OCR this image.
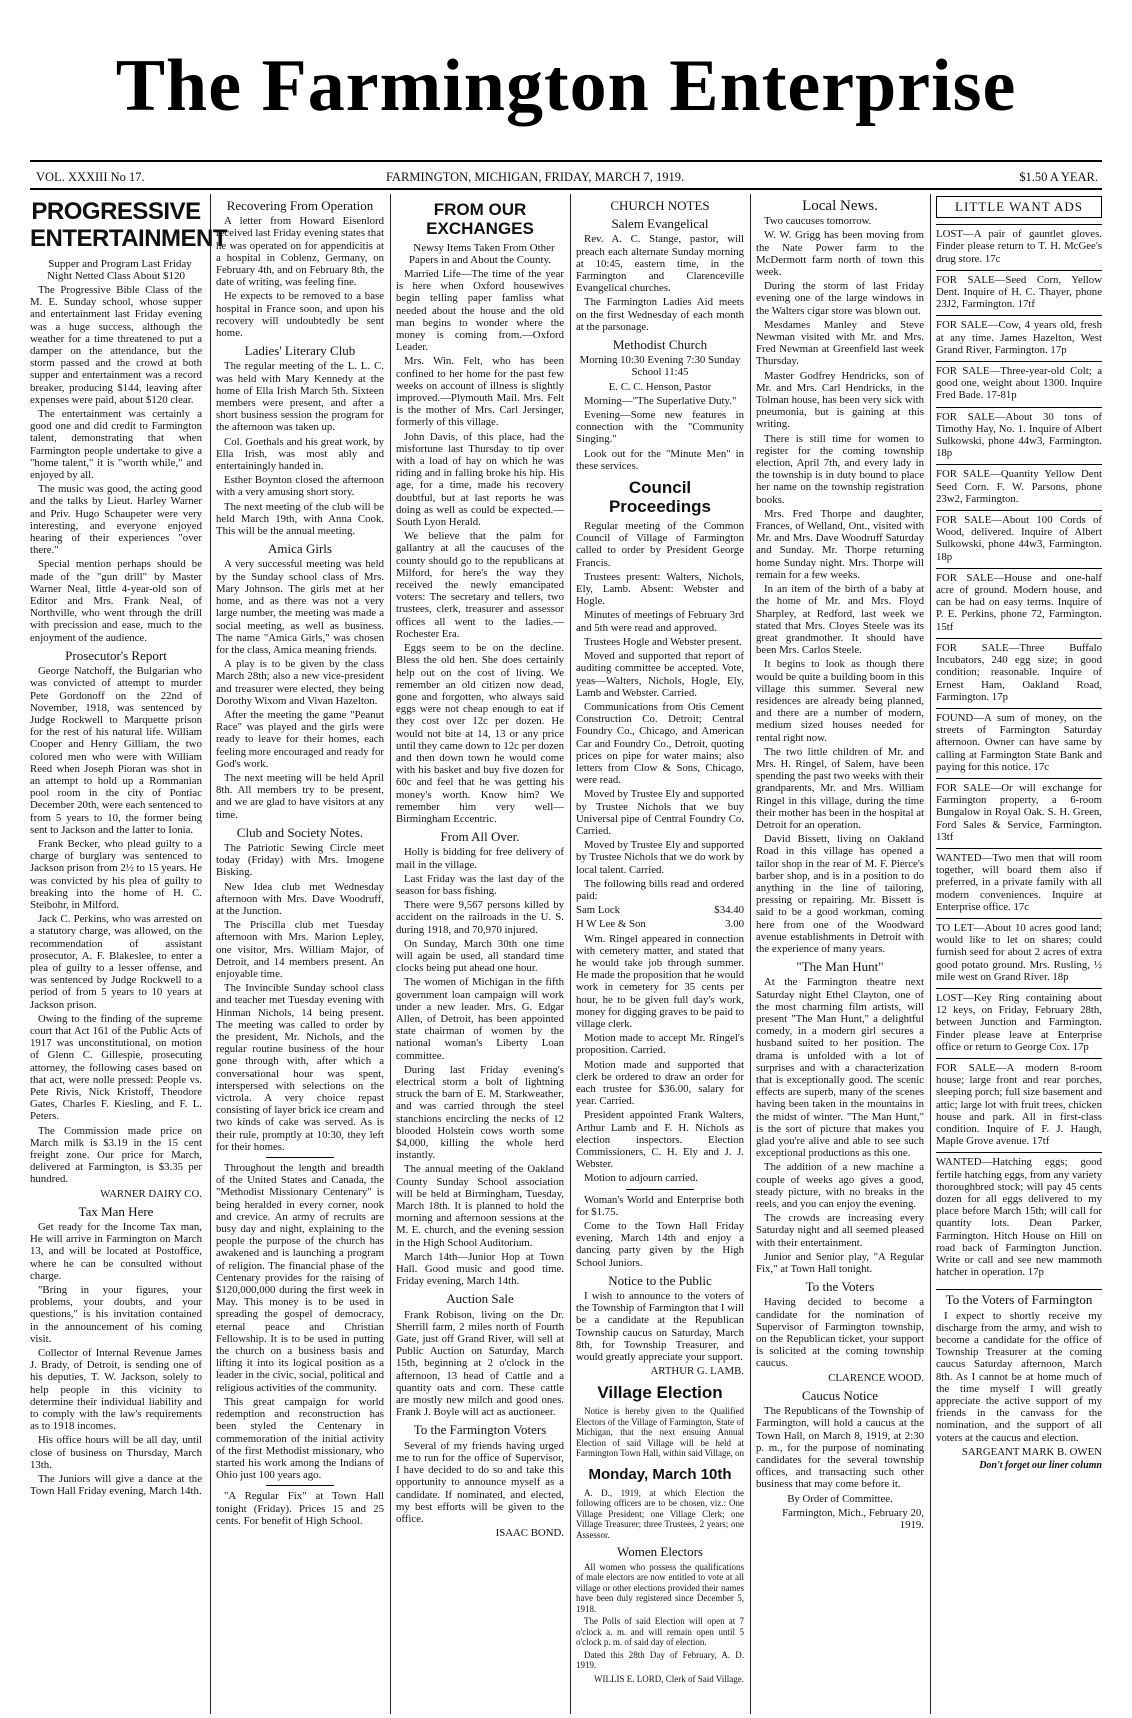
The Farmington Enterprise
VOL. XXXIII No 17.	FARMINGTON, MICHIGAN, FRIDAY, MARCH 7, 1919.	$1.50 A YEAR.
PROGRESSIVE ENTERTAINMENT

Supper and Program Last Friday Night Netted Class About $120

The Progressive Bible Class of the M. E. Sunday school, whose supper and entertainment last Friday evening was a huge success, although the weather for a time threatened to put a damper on the attendance, but the storm passed and the crowd at both supper and entertainment was a record breaker, producing $144, leaving after expenses were paid, about $120 clear.

The entertainment was certainly a good one and did credit to Farmington talent, demonstrating that when Farmington people undertake to give a "home talent," it is "worth while," and enjoyed by all.

The music was good, the acting good and the talks by Lieut. Harley Warner and Priv. Hugo Schaupeter were very interesting, and everyone enjoyed hearing of their experiences "over there."

Special mention perhaps should be made of the "gun drill" by Master Warner Neal, little 4-year-old son of Editor and Mrs. Frank Neal, of Northville, who went through the drill with precission and ease, much to the enjoyment of the audience.

Prosecutor's Report

George Natchoff, the Bulgarian who was convicted of attempt to murder Pete Gordonoff on the 22nd of November, 1918, was sentenced by Judge Rockwell to Marquette prison for the rest of his natural life. William Cooper and Henry Gilliam, the two colored men who were with William Reed when Joseph Pioran was shot in an attempt to hold up a Rommanian pool room in the city of Pontiac December 20th, were each sentenced to from 5 years to 10, the former being sent to Jackson and the latter to Ionia.

Frank Becker, who plead guilty to a charge of burglary was sentenced to Jackson prison from 2½ to 15 years. He was convicted by his plea of guilty to breaking into the home of H. C. Steibohr, in Milford.

Jack C. Perkins, who was arrested on a statutory charge, was allowed, on the recommendation of assistant prosecutor, A. F. Blakeslee, to enter a plea of guilty to a lesser offense, and was sentenced by Judge Rockwell to a period of from 5 years to 10 years at Jackson prison.

Owing to the finding of the supreme court that Act 161 of the Public Acts of 1917 was unconstitutional, on motion of Glenn C. Gillespie, prosecuting attorney, the following cases based on that act, were nolle pressed: People vs. Pete Rivis, Nick Kristoff, Theodore Gates, Charles F. Kiesling, and F. L. Peters.

The Commission made price on March milk is $3.19 in the 15 cent freight zone. Our price for March, delivered at Farmington, is $3.35 per hundred.

WARNER DAIRY CO.

Tax Man Here

Get ready for the Income Tax man, He will arrive in Farmington on March 13, and will be located at Postoffice, where he can be consulted without charge.

"Bring in your figures, your problems, your doubts, and your questions," is his invitation contained in the announcement of his coming visit.

Collector of Internal Revenue James J. Brady, of Detroit, is sending one of his deputies, T. W. Jackson, solely to help people in this vicinity to determine their individual liability and to comply with the law's requirements as to 1918 incomes.

His office hours will be all day, until close of business on Thursday, March 13th.

The Juniors will give a dance at the Town Hall Friday evening, March 14th.

Recovering From Operation

A letter from Howard Eisenlord received last Friday evening states that he was operated on for appendicitis at a hospital in Coblenz, Germany, on February 4th, and on February 8th, the date of writing, was feeling fine.

He expects to be removed to a base hospital in France soon, and upon his recovery will undoubtedly be sent home.

Ladies' Literary Club

The regular meeting of the L. L. C. was held with Mary Kennedy at the home of Ella Irish March 5th. Sixteen members were present, and after a short business session the program for the afternoon was taken up.

Col. Goethals and his great work, by Ella Irish, was most ably and entertainingly handed in.

Esther Boynton closed the afternoon with a very amusing short story.

The next meeting of the club will be held March 19th, with Anna Cook. This will be the annual meeting.

Amica Girls

A very successful meeting was held by the Sunday school class of Mrs. Mary Johnson. The girls met at her home, and as there was not a very large number, the meeting was made a social meeting, as well as business. The name "Amica Girls," was chosen for the class, Amica meaning friends.

A play is to be given by the class March 28th; also a new vice-president and treasurer were elected, they being Dorothy Wixom and Vivan Hazelton.

After the meeting the game "Peanut Race" was played and the girls were ready to leave for their homes, each feeling more encouraged and ready for God's work.

The next meeting will be held April 8th. All members try to be present, and we are glad to have visitors at any time.

Club and Society Notes.

The Patriotic Sewing Circle meet today (Friday) with Mrs. Imogene Bisking.

New Idea club met Wednesday afternoon with Mrs. Dave Woodruff, at the Junction.

The Priscilla club met Tuesday afternoon with Mrs. Marion Lepley, one visitor, Mrs. William Major, of Detroit, and 14 members present. An enjoyable time.

The Invincible Sunday school class and teacher met Tuesday evening with Hinman Nichols, 14 being present. The meeting was called to order by the president, Mr. Nichols, and the regular routine business of the hour gone through with, after which a conversational hour was spent, interspersed with selections on the victrola. A very choice repast consisting of layer brick ice cream and two kinds of cake was served. As is their rule, promptly at 10:30, they left for their homes.

Throughout the length and breadth of the United States and Canada, the "Methodist Missionary Centenary" is being heralded in every corner, nook and crevice. An army of recruits are busy day and night, explaining to the people the purpose of the church has awakened and is launching a program of religion. The financial phase of the Centenary provides for the raising of $120,000,000 during the first week in May. This money is to be used in spreading the gospel of democracy, eternal peace and Christian Fellowship. It is to be used in putting the church on a business basis and lifting it into its logical position as a leader in the civic, social, political and religious activities of the community.

This great campaign for world redemption and reconstruction has been styled the Centenary in commemoration of the initial activity of the first Methodist missionary, who started his work among the Indians of Ohio just 100 years ago.

"A Regular Fix" at Town Hall tonight (Friday). Prices 15 and 25 cents. For benefit of High School.

FROM OUR EXCHANGES

Newsy Items Taken From Other Papers in and About the County.

Married Life—The time of the year is here when Oxford housewives begin telling paper famliss what needed about the house and the old man begins to wonder where the money is coming from.—Oxford Leader.

Mrs. Win. Felt, who has been confined to her home for the past few weeks on account of illness is slightly improved.—Plymouth Mail. Mrs. Felt is the mother of Mrs. Carl Jersinger, formerly of this village.

John Davis, of this place, had the misfortune last Thursday to tip over with a load of hay on which he was riding and in falling broke his hip. His age, for a time, made his recovery doubtful, but at last reports he was doing as well as could be expected.—South Lyon Herald.

We believe that the palm for gallantry at all the caucuses of the county should go to the republicans at Milford, for here's the way they received the newly emancipated voters: The secretary and tellers, two trustees, clerk, treasurer and assessor offices all went to the ladies.—Rochester Era.

Eggs seem to be on the decline. Bless the old hen. She does certainly help out on the cost of living. We remember an old citizen now dead, gone and forgotten, who always said eggs were not cheap enough to eat if they cost over 12c per dozen. He would not bite at 14, 13 or any price until they came down to 12c per dozen and then down town he would come with his basket and buy five dozen for 60c and feel that he was getting his money's worth. Know him? We remember him very well—Birmingham Eccentric.

From All Over.

Holly is bidding for free delivery of mail in the village.

Last Friday was the last day of the season for bass fishing.

There were 9,567 persons killed by accident on the railroads in the U. S. during 1918, and 70,970 injured.

On Sunday, March 30th one time will again be used, all standard time clocks being put ahead one hour.

The women of Michigan in the fifth government loan campaign will work under a new leader. Mrs. G. Edgar Allen, of Detroit, has been appointed state chairman of women by the national woman's Liberty Loan committee.

During last Friday evening's electrical storm a bolt of lightning struck the barn of E. M. Starkweather, and was carried through the steel stanchions encircling the necks of 12 blooded Holstein cows worth some $4,000, killing the whole herd instantly.

The annual meeting of the Oakland County Sunday School association will be held at Birmingham, Tuesday, March 18th. It is planned to hold the morning and afternoon sessions at the M. E. church, and the evening session in the High School Auditorium.

March 14th—Junior Hop at Town Hall. Good music and good time. Friday evening, March 14th.

Auction Sale

Frank Robison, living on the Dr. Sherrill farm, 2 miles north of Fourth Gate, just off Grand River, will sell at Public Auction on Saturday, March 15th, beginning at 2 o'clock in the afternoon, 13 head of Cattle and a quantity oats and corn. These cattle are mostly new milch and good ones. Frank J. Boyle will act as auctioneer.

To the Farmington Voters

Several of my friends having urged me to run for the office of Supervisor, I have decided to do so and take this opportunity to announce myself as a candidate. If nominated, and elected, my best efforts will be given to the office.

ISAAC BOND.

CHURCH NOTES
Salem Evangelical

Rev. A. C. Stange, pastor, will preach each alternate Sunday morning at 10:45, eastern time, in the Farmington and Clarenceville Evangelical churches.

The Farmington Ladies Aid meets on the first Wednesday of each month at the parsonage.

Methodist Church

Morning 10:30 Evening 7:30 Sunday School 11:45

E. C. C. Henson, Pastor

Morning—"The Superlative Duty."

Evening—Some new features in connection with the "Community Singing."

Look out for the "Minute Men" in these services.

Council Proceedings

Regular meeting of the Common Council of Village of Farmington called to order by President George Francis.

Trustees present: Walters, Nichols, Ely, Lamb. Absent: Webster and Hogle.

Minutes of meetings of February 3rd and 5th were read and approved.

Trustees Hogle and Webster present.

Moved and supported that report of auditing committee be accepted. Vote, yeas—Walters, Nichols, Hogle, Ely, Lamb and Webster. Carried.

Communications from Otis Cement Construction Co. Detroit; Central Foundry Co., Chicago, and American Car and Foundry Co., Detroit, quoting prices on pipe for water mains; also letters from Clow & Sons, Chicago, were read.

Moved by Trustee Ely and supported by Trustee Nichols that we buy Universal pipe of Central Foundry Co. Carried.

Moved by Trustee Ely and supported by Trustee Nichols that we do work by local talent. Carried.

The following bills read and ordered paid:

Sam Lock	$34.40

H W Lee & Son	3.00

Wm. Ringel appeared in connection with cemetery matter, and stated that he would take job through summer. He made the proposition that he would work in cemetery for 35 cents per hour, he to be given full day's work, money for digging graves to be paid to village clerk.

Motion made to accept Mr. Ringel's proposition. Carried.

Motion made and supported that clerk be ordered to draw an order for each trustee for $36.00, salary for year. Carried.

President appointed Frank Walters, Arthur Lamb and F. H. Nichols as election inspectors. Election Commissioners, C. H. Ely and J. J. Webster.

Motion to adjourn carried.

Woman's World and Enterprise both for $1.75.

Come to the Town Hall Friday evening, March 14th and enjoy a dancing party given by the High School Juniors.

Notice to the Public

I wish to announce to the voters of the Township of Farmington that I will be a candidate at the Republican Township caucus on Saturday, March 8th, for Township Treasurer, and would greatly appreciate your support.

ARTHUR G. LAMB.

Village Election

Notice is hereby given to the Qualified Electors of the Village of Farmington, State of Michigan, that the next ensuing Annual Election of said Village will be held at Farmington Town Hall, within said Village, on

Monday, March 10th

A. D., 1919, at which Election the following officers are to be chosen, viz.: One Village President; one Village Clerk; one Village Treasurer; three Trustees, 2 years; one Assessor.

Women Electors

All women who possess the qualifications of male electors are now entitled to vote at all village or other elections provided their names have been duly registered since December 5, 1918.

The Polls of said Election will open at 7 o'clock a. m. and will remain open until 5 o'clock p. m. of said day of election.

Dated this 28th Day of February, A. D. 1919.

WILLIS E. LORD, Clerk of Said Village.

Local News.

Two caucuses tomorrow.

W. W. Grigg has been moving from the Nate Power farm to the McDermott farm north of town this week.

During the storm of last Friday evening one of the large windows in the Walters cigar store was blown out.

Mesdames Manley and Steve Newman visited with Mr. and Mrs. Fred Newman at Greenfield last week Thursday.

Master Godfrey Hendricks, son of Mr. and Mrs. Carl Hendricks, in the Tolman house, has been very sick with pneumonia, but is gaining at this writing.

There is still time for women to register for the coming township election, April 7th, and every lady in the township is in duty bound to place her name on the township registration books.

Mrs. Fred Thorpe and daughter, Frances, of Welland, Ont., visited with Mr. and Mrs. Dave Woodruff Saturday and Sunday. Mr. Thorpe returning home Sunday night. Mrs. Thorpe will remain for a few weeks.

In an item of the birth of a baby at the home of Mr. and Mrs. Floyd Sharpley, at Redford, last week we stated that Mrs. Cloyes Steele was its great grandmother. It should have been Mrs. Carlos Steele.

It begins to look as though there would be quite a building boom in this village this summer. Several new residences are already being planned, and there are a number of modern, medium sized houses needed for rental right now.

The two little children of Mr. and Mrs. H. Ringel, of Salem, have been spending the past two weeks with their grandparents, Mr. and Mrs. William Ringel in this village, during the time their mother has been in the hospital at Detroit for an operation.

David Bissett, living on Oakland Road in this village has opened a tailor shop in the rear of M. F. Pierce's barber shop, and is in a position to do anything in the line of tailoring, pressing or repairing. Mr. Bissett is said to be a good workman, coming here from one of the Woodward avenue establishments in Detroit with the experience of many years.

"The Man Hunt"

At the Farmington theatre next Saturday night Ethel Clayton, one of the most charming film artists, will present "The Man Hunt," a delightful comedy, in a modern girl secures a husband suited to her position. The drama is unfolded with a lot of surprises and with a characterization that is exceptionally good. The scenic effects are superb, many of the scenes having been taken in the mountains in the midst of winter. "The Man Hunt," is the sort of picture that makes you glad you're alive and able to see such exceptional productions as this one.

The addition of a new machine a couple of weeks ago gives a good, steady picture, with no breaks in the reels, and you can enjoy the evening.

The crowds are increasing every Saturday night and all seemed pleased with their entertainment.

Junior and Senior play, "A Regular Fix," at Town Hall tonight.

To the Voters

Having decided to become a candidate for the nomination of Supervisor of Farmington township, on the Republican ticket, your support is solicited at the coming township caucus.

CLARENCE WOOD.

Caucus Notice

The Republicans of the Township of Farmington, will hold a caucus at the Town Hall, on March 8, 1919, at 2:30 p. m., for the purpose of nominating candidates for the several township offices, and transacting such other business that may come before it.

By Order of Committee.

Farmington, Mich., February 20, 1919.

LITTLE WANT ADS

LOST—A pair of gauntlet gloves. Finder please return to T. H. McGee's drug store. 17c

FOR SALE—Seed Corn, Yellow Dent. Inquire of H. C. Thayer, phone 23J2, Farmington. 17tf

FOR SALE—Cow, 4 years old, fresh at any time. James Hazelton, West Grand River, Farmington. 17p

FOR SALE—Three-year-old Colt; a good one, weight about 1300. Inquire Fred Bade. 17-81p

FOR SALE—About 30 tons of Timothy Hay, No. 1. Inquire of Albert Sulkowski, phone 44w3, Farmington. 18p

FOR SALE—Quantity Yellow Dent Seed Corn. F. W. Parsons, phone 23w2, Farmington.

FOR SALE—About 100 Cords of Wood, delivered. Inquire of Albert Sulkowski, phone 44w3, Farmington. 18p

FOR SALE—House and one-half acre of ground. Modern house, and can be had on easy terms. Inquire of P. E. Perkins, phone 72, Farmington. 15tf

FOR SALE—Three Buffalo Incubators, 240 egg size; in good condition; reasonable. Inquire of Ernest Ham, Oakland Road, Farmington. 17p

FOUND—A sum of money, on the streets of Farmington Saturday afternoon. Owner can have same by calling at Farmington State Bank and paying for this notice. 17c

FOR SALE—Or will exchange for Farmington property, a 6-room Bungalow in Royal Oak. S. H. Green, Ford Sales & Service, Farmington. 13tf

WANTED—Two men that will room together, will board them also if preferred, in a private family with all modern conveniences. Inquire at Enterprise office. 17c

TO LET—About 10 acres good land; would like to let on shares; could furnish seed for about 2 acres of extra good potato ground. Mrs. Rusling, ½ mile west on Grand River. 18p

LOST—Key Ring containing about 12 keys, on Friday, February 28th, between Junction and Farmington. Finder please leave at Enterprise office or return to George Cox. 17p

FOR SALE—A modern 8-room house; large front and rear porches, sleeping porch; full size basement and attic; large lot with fruit trees, chicken house and park. All in first-class condition. Inquire of F. J. Haugh, Maple Grove avenue. 17tf

WANTED—Hatching eggs; good fertile hatching eggs, from any variety thoroughbred stock; will pay 45 cents dozen for all eggs delivered to my place before March 15th; will call for quantity lots. Dean Parker, Farmington. Hitch House on Hill on road back of Farmington Junction. Write or call and see new mammoth hatcher in operation. 17p

To the Voters of Farmington

I expect to shortly receive my discharge from the army, and wish to become a candidate for the office of Township Treasurer at the coming caucus Saturday afternoon, March 8th. As I cannot be at home much of the time myself I will greatly appreciate the active support of my friends in the canvass for the nomination, and the support of all voters at the caucus and election.

SARGEANT MARK B. OWEN

Don't forget our liner column
